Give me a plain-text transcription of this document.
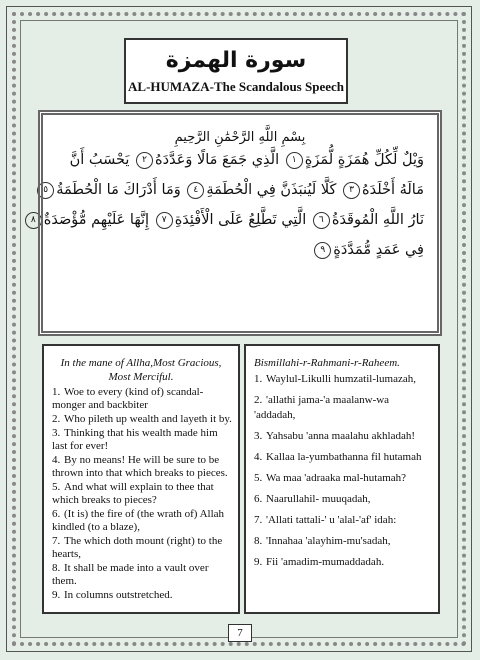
سورة الهمزة
AL-HUMAZA-The Scandalous Speech
بِسْمِ اللَّهِ الرَّحْمَٰنِ الرَّحِيمِ
وَيْلٌ لِّكُلِّ هُمَزَةٍ لُّمَزَةٍ١ الَّذِي جَمَعَ مَالًا وَعَدَّدَهُ٢ يَحْسَبُ أَنَّ
مَالَهُ أَخْلَدَهُ٣ كَلَّا لَيُنبَذَنَّ فِي الْحُطَمَةِ٤ وَمَا أَدْرَاكَ مَا الْحُطَمَةُ٥
نَارُ اللَّهِ الْمُوقَدَةُ٦ الَّتِي تَطَّلِعُ عَلَى الْأَفْئِدَةِ٧ إِنَّهَا عَلَيْهِم مُّؤْصَدَةٌ٨
فِي عَمَدٍ مُّمَدَّدَةٍ٩
In the mane of Allha,Most Gracious, Most Merciful.
1. Woe to every (kind of) scandal-monger and backbiter
2. Who pileth up wealth and layeth it by.
3. Thinking that his wealth made him last for ever!
4. By no means! He will be sure to be thrown into that which breaks to pieces.
5. And what will explain to thee that which breaks to pieces?
6. (It is) the fire of (the wrath of) Allah kindled (to a blaze),
7. The which doth mount (right) to the hearts,
8. It shall be made into a vault over them.
9. In columns outstretched.
Bismillahi-r-Rahmani-r-Raheem.
1. Waylul-Likulli humzatil-lumazah,
2. 'allathi jama-'a maalanw-wa 'addadah,
3. Yahsabu 'anna maalahu akhladah!
4. Kallaa la-yumbathanna fil hutamah
5. Wa maa 'adraaka mal-hutamah?
6. Naarullahil- muuqadah,
7. 'Allati tattali-' u 'alal-'af' idah:
8. 'Innahaa 'alayhim-mu'sadah,
9. Fii 'amadim-mumaddadah.
7
